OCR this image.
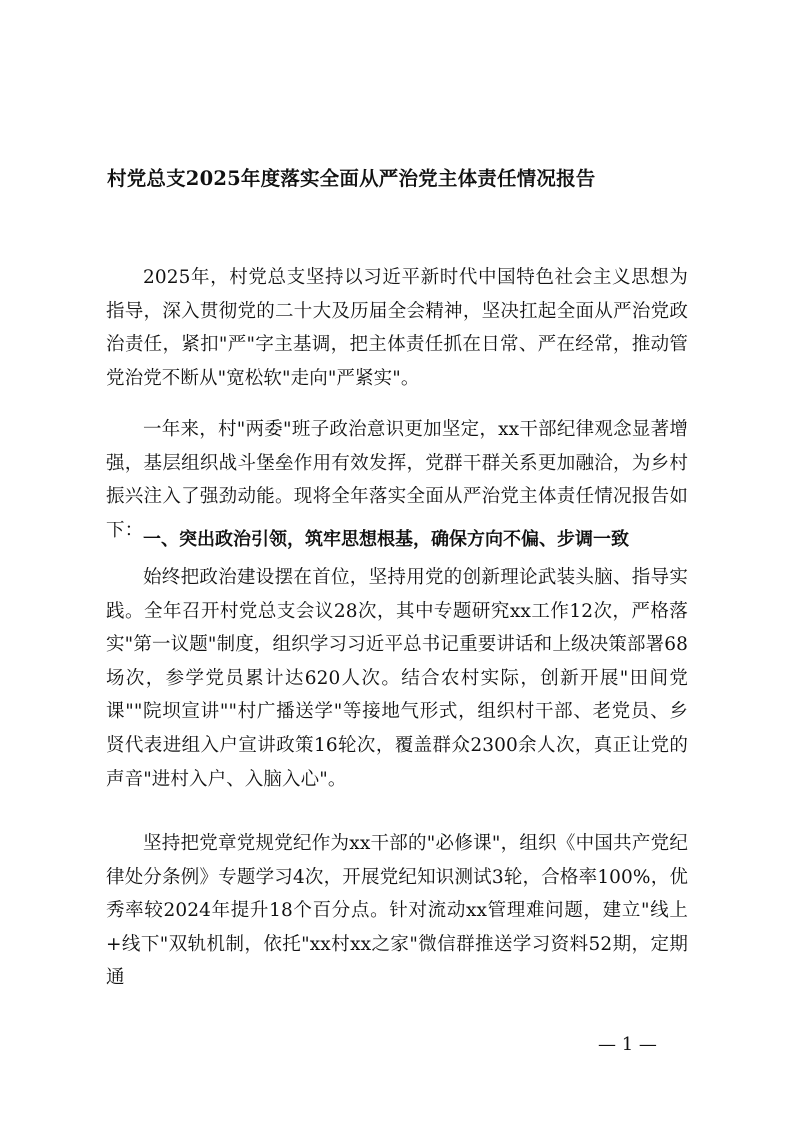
村党总支2025年度落实全面从严治党主体责任情况报告

2025年，村党总支坚持以习近平新时代中国特色社会主义思想为指导，深入贯彻党的二十大及历届全会精神，坚决扛起全面从严治党政治责任，紧扣"严"字主基调，把主体责任抓在日常、严在经常，推动管党治党不断从"宽松软"走向"严紧实"。

一年来，村"两委"班子政治意识更加坚定，xx干部纪律观念显著增强，基层组织战斗堡垒作用有效发挥，党群干群关系更加融洽，为乡村振兴注入了强劲动能。现将全年落实全面从严治党主体责任情况报告如下： 一、突出政治引领，筑牢思想根基，确保方向不偏、步调一致

始终把政治建设摆在首位，坚持用党的创新理论武装头脑、指导实践。全年召开村党总支会议28次，其中专题研究xx工作12次，严格落实"第一议题"制度，组织学习习近平总书记重要讲话和上级决策部署68场次，参学党员累计达620人次。结合农村实际，创新开展"田间党课""院坝宣讲""村广播送学"等接地气形式，组织村干部、老党员、乡贤代表进组入户宣讲政策16轮次，覆盖群众2300余人次，真正让党的声音"进村入户、入脑入心"。

坚持把党章党规党纪作为xx干部的"必修课"，组织《中国共产党纪律处分条例》专题学习4次，开展党纪知识测试3轮，合格率100%，优秀率较2024年提升18个百分点。针对流动xx管理难问题，建立"线上+线下"双轨机制，依托"xx村xx之家"微信群推送学习资料52期，定期通

— 1 —
